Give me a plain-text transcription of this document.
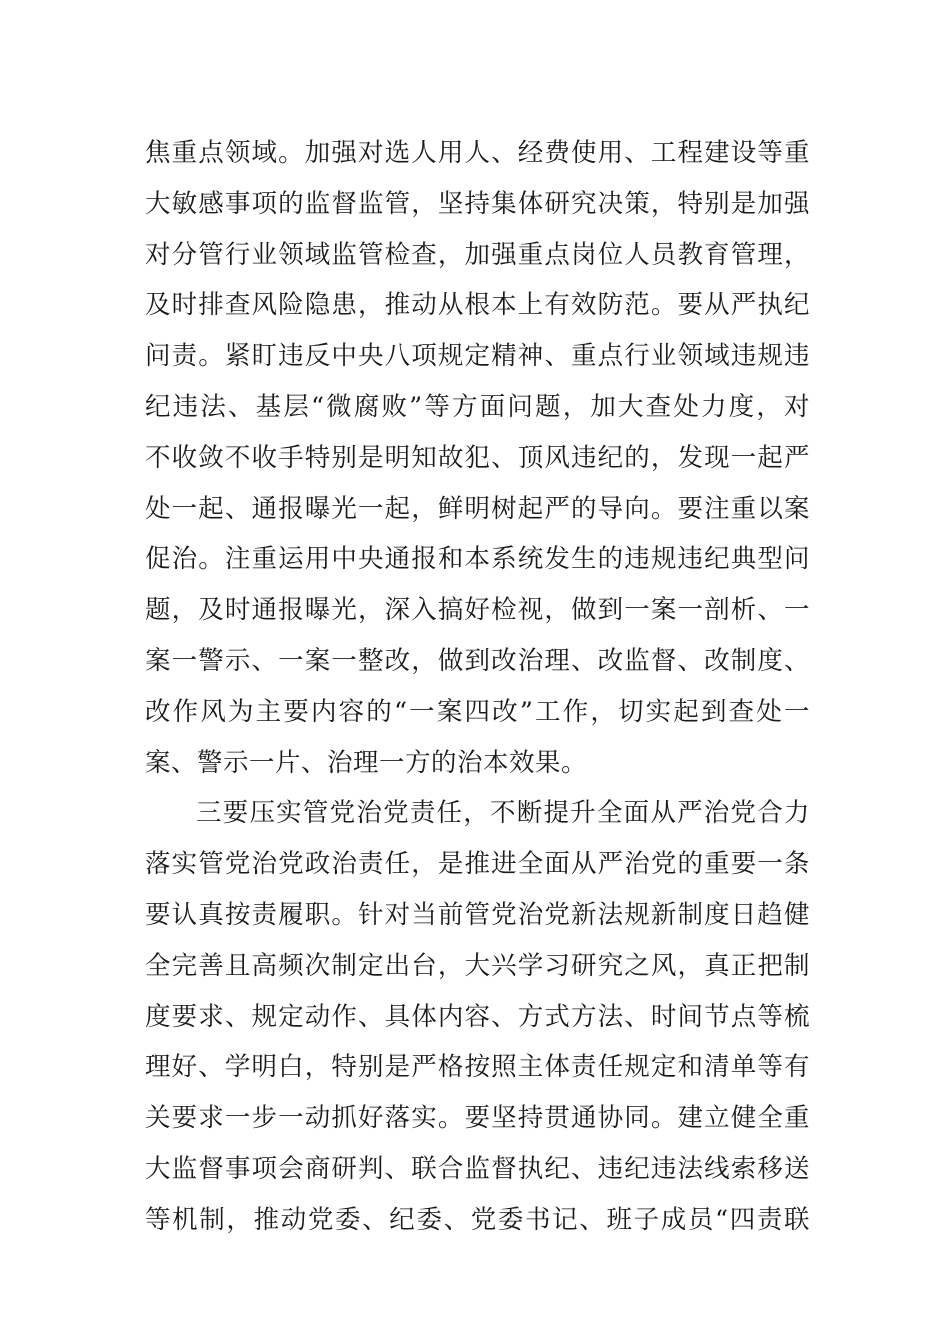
焦重点领域。加强对选人用人、经费使用、工程建设等重
大敏感事项的监督监管，坚持集体研究决策，特别是加强
对分管行业领域监管检查，加强重点岗位人员教育管理，
及时排查风险隐患，推动从根本上有效防范。要从严执纪
问责。紧盯违反中央八项规定精神、重点行业领域违规违
纪违法、基层“微腐败”等方面问题，加大查处力度，对
不收敛不收手特别是明知故犯、顶风违纪的，发现一起严
处一起、通报曝光一起，鲜明树起严的导向。要注重以案
促治。注重运用中央通报和本系统发生的违规违纪典型问
题，及时通报曝光，深入搞好检视，做到一案一剖析、一
案一警示、一案一整改，做到改治理、改监督、改制度、
改作风为主要内容的“一案四改”工作，切实起到查处一
案、警示一片、治理一方的治本效果。
三要压实管党治党责任，不断提升全面从严治党合力
落实管党治党政治责任，是推进全面从严治党的重要一条
要认真按责履职。针对当前管党治党新法规新制度日趋健
全完善且高频次制定出台，大兴学习研究之风，真正把制
度要求、规定动作、具体内容、方式方法、时间节点等梳
理好、学明白，特别是严格按照主体责任规定和清单等有
关要求一步一动抓好落实。要坚持贯通协同。建立健全重
大监督事项会商研判、联合监督执纪、违纪违法线索移送
等机制，推动党委、纪委、党委书记、班子成员“四责联
